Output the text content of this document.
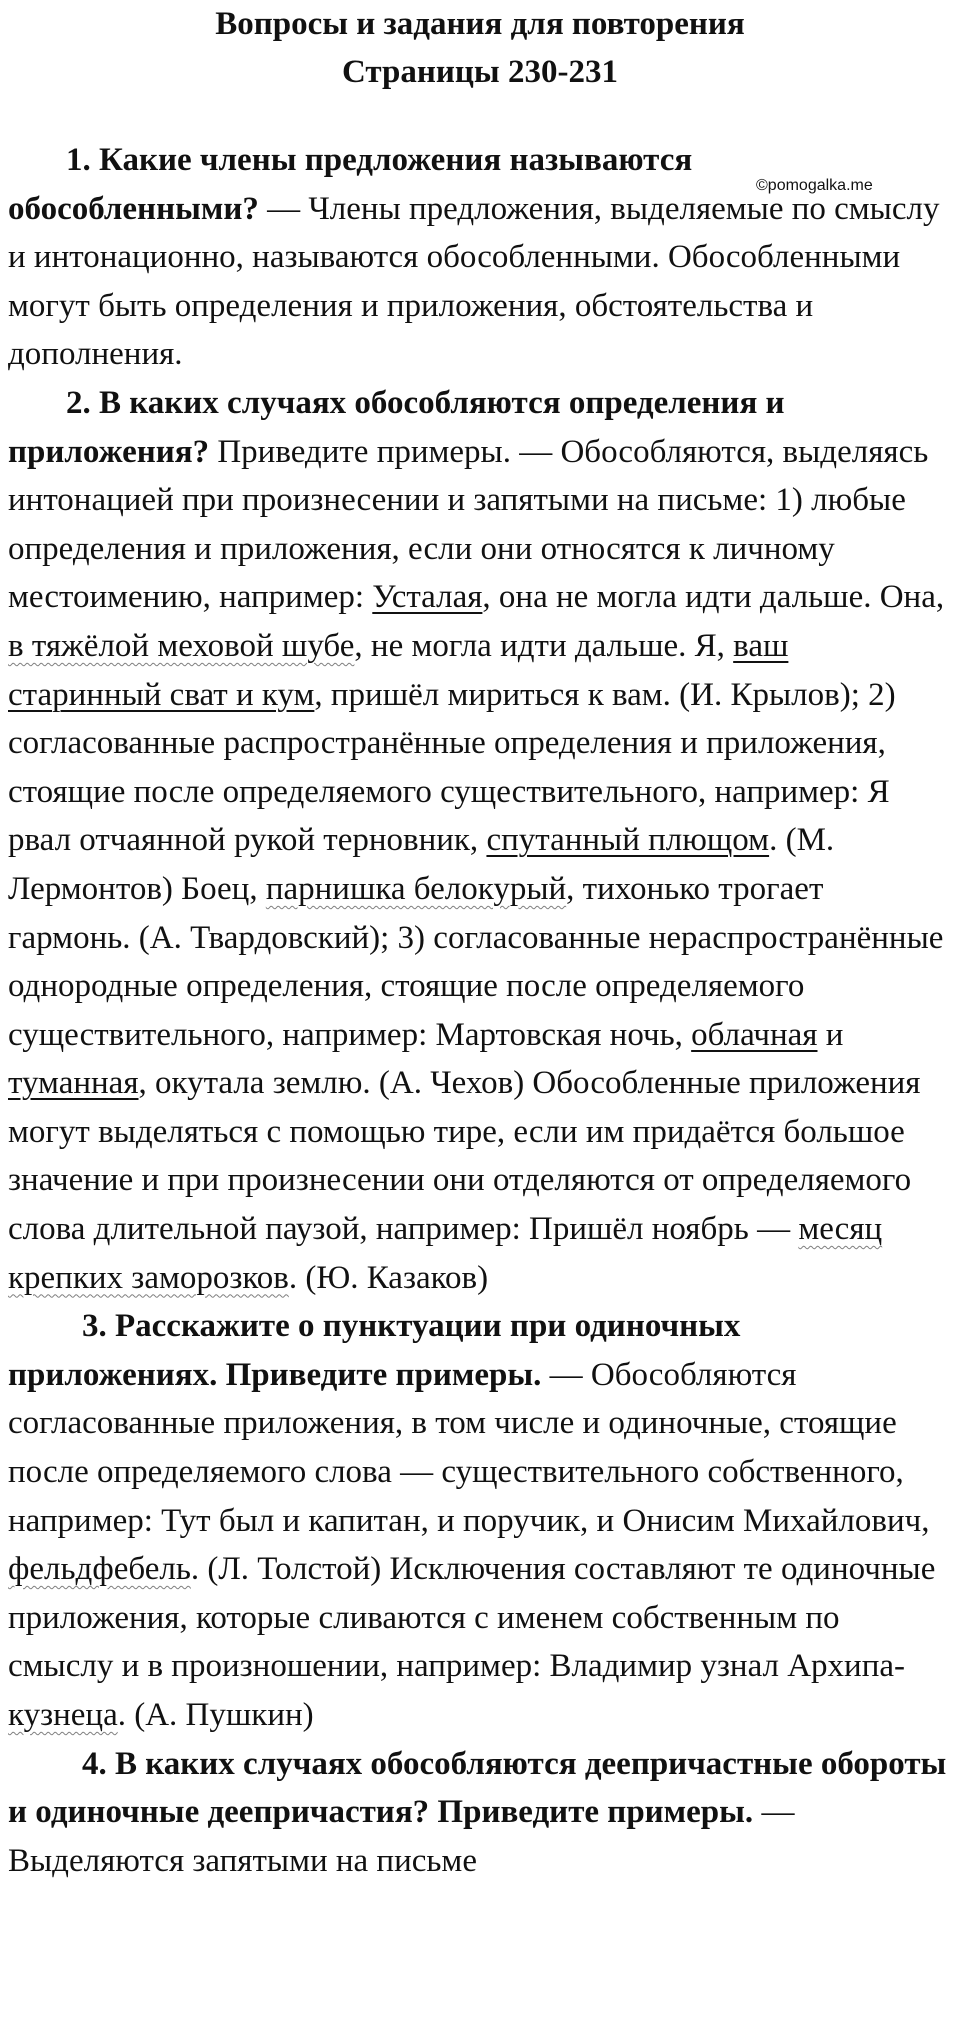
Вопросы и задания для повторения
Страницы 230-231
©pomogalka.me

1. Какие члены предложения называются обособленными? — Члены предложения, выделяемые по смыслу и интонационно, называются обособленными. Обособленными могут быть определения и приложения, обстоятельства и дополнения.

2. В каких случаях обособляются определения и приложения? Приведите примеры. — Обособляются, выделяясь интонацией при произнесении и запятыми на письме: 1) любые определения и приложения, если они относятся к личному местоимению, например: Усталая, она не могла идти дальше. Она, в тяжёлой меховой шубе, не могла идти дальше. Я, ваш старинный сват и кум, пришёл мириться к вам. (И. Крылов); 2) согласованные распространённые определения и приложения, стоящие после определяемого существительного, например: Я рвал отчаянной рукой терновник, спутанный плющом. (М. Лермонтов) Боец, парнишка белокурый, тихонько трогает гармонь. (А. Твардовский); 3) согласованные нераспространённые однородные определения, стоящие после определяемого существительного, например: Мартовская ночь, облачная и туманная, окутала землю. (А. Чехов) Обособленные приложения могут выделяться с помощью тире, если им придаётся большое значение и при произнесении они отделяются от определяемого слова длительной паузой, например: Пришёл ноябрь — месяц крепких заморозков. (Ю. Казаков)

3. Расскажите о пунктуации при одиночных приложениях. Приведите примеры. — Обособляются согласованные приложения, в том числе и одиночные, стоящие после определяемого слова — существительного собственного, например: Тут был и капитан, и поручик, и Онисим Михайлович, фельдфебель. (Л. Толстой) Исключения составляют те одиночные приложения, которые сливаются с именем собственным по смыслу и в произношении, например: Владимир узнал Архипа-кузнеца. (А. Пушкин)

4. В каких случаях обособляются деепричастные обороты и одиночные деепричастия? Приведите примеры. — Выделяются запятыми на письме
